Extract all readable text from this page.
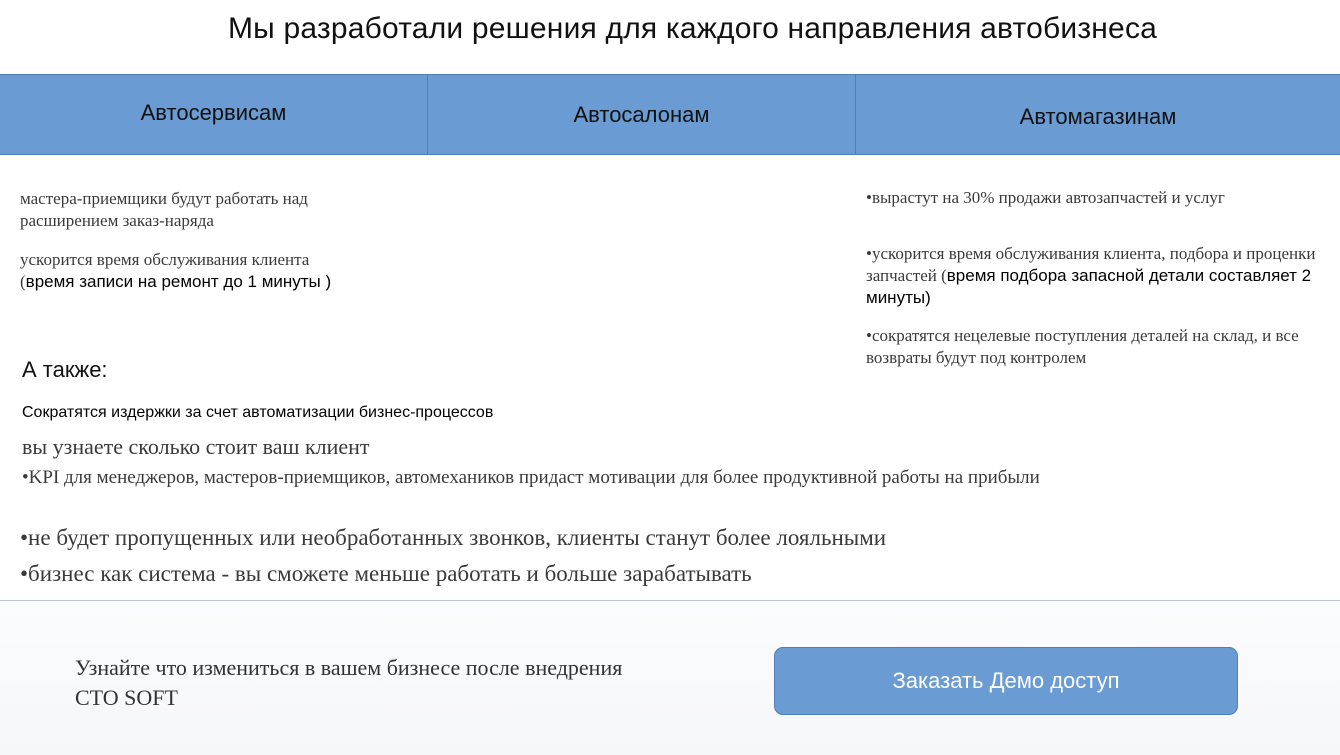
Мы разработали решения для каждого направления автобизнеса
Автосервисам	Автосалонам	Автомагазинам
мастера-приемщики будут работать над расширением заказ-наряда
ускорится время обслуживания клиента (время записи на ремонт до 1 минуты )
•вырастут на 30% продажи автозапчастей и услуг
•ускорится время обслуживания клиента, подбора и проценки запчастей (время подбора запасной детали составляет 2 минуты)
•сократятся нецелевые поступления деталей на склад, и все возвраты будут под контролем
А также:
Сократятся издержки за счет автоматизации бизнес-процессов
вы узнаете сколько стоит ваш клиент
•KPI для менеджеров, мастеров-приемщиков, автомехаников придаст мотивации для более продуктивной работы на прибыли
•не будет пропущенных или необработанных звонков, клиенты станут более лояльными
•бизнес как система - вы сможете меньше работать и больше зарабатывать
Узнайте что измениться в вашем бизнесе после внедрения
CTO SOFT
Заказать Демо доступ
